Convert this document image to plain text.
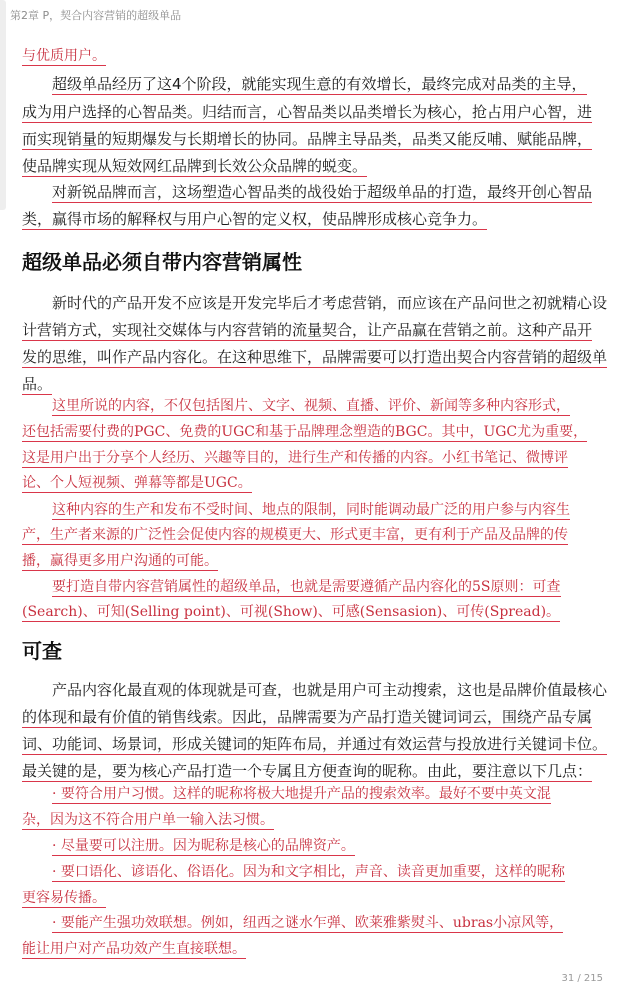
第2章 P，契合内容营销的超级单品
与优质用户。
超级单品经历了这4个阶段，就能实现生意的有效增长，最终完成对品类的主导，
成为用户选择的心智品类。归结而言，心智品类以品类增长为核心，抢占用户心智，进
而实现销量的短期爆发与长期增长的协同。品牌主导品类，品类又能反哺、赋能品牌，
使品牌实现从短效网红品牌到长效公众品牌的蜕变。
对新锐品牌而言，这场塑造心智品类的战役始于超级单品的打造，最终开创心智品
类，赢得市场的解释权与用户心智的定义权，使品牌形成核心竞争力。
超级单品必须自带内容营销属性
新时代的产品开发不应该是开发完毕后才考虑营销，而应该在产品问世之初就精心设
计营销方式，实现社交媒体与内容营销的流量契合，让产品赢在营销之前。这种产品开
发的思维，叫作产品内容化。在这种思维下，品牌需要可以打造出契合内容营销的超级单
品。
这里所说的内容，不仅包括图片、文字、视频、直播、评价、新闻等多种内容形式，
还包括需要付费的PGC、免费的UGC和基于品牌理念塑造的BGC。其中，UGC尤为重要，
这是用户出于分享个人经历、兴趣等目的，进行生产和传播的内容。小红书笔记、微博评
论、个人短视频、弹幕等都是UGC。
这种内容的生产和发布不受时间、地点的限制，同时能调动最广泛的用户参与内容生
产，生产者来源的广泛性会促使内容的规模更大、形式更丰富，更有利于产品及品牌的传
播，赢得更多用户沟通的可能。
要打造自带内容营销属性的超级单品，也就是需要遵循产品内容化的5S原则：可查
(Search)、可知(Selling point)、可视(Show)、可感(Sensasion)、可传(Spread)。
可查
产品内容化最直观的体现就是可查，也就是用户可主动搜索，这也是品牌价值最核心
的体现和最有价值的销售线索。因此，品牌需要为产品打造关键词词云，围绕产品专属
词、功能词、场景词，形成关键词的矩阵布局，并通过有效运营与投放进行关键词卡位。
最关键的是，要为核心产品打造一个专属且方便查询的昵称。由此，要注意以下几点：
· 要符合用户习惯。这样的昵称将极大地提升产品的搜索效率。最好不要中英文混
杂，因为这不符合用户单一输入法习惯。
· 尽量要可以注册。因为昵称是核心的品牌资产。
· 要口语化、谚语化、俗语化。因为和文字相比，声音、读音更加重要，这样的昵称
更容易传播。
· 要能产生强功效联想。例如，纽西之谜水乍弹、欧莱雅紫熨斗、ubras小凉风等，
能让用户对产品功效产生直接联想。
31 / 215
